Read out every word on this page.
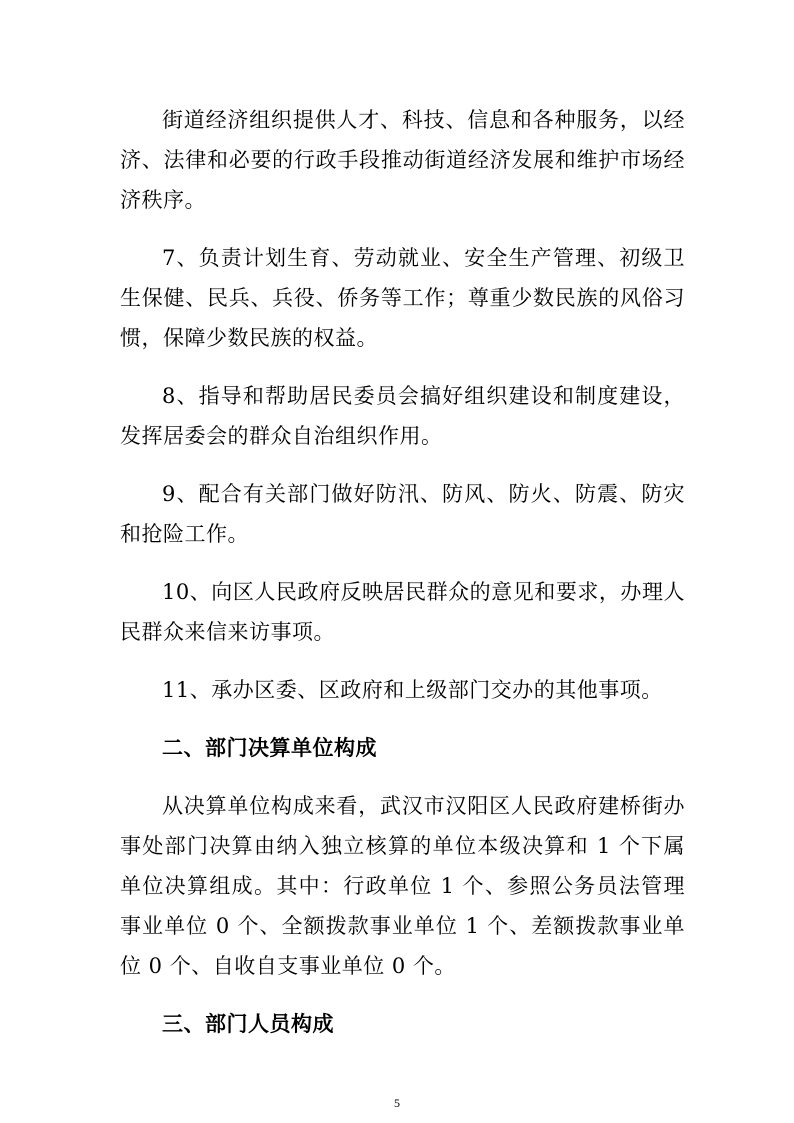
街道经济组织提供人才、科技、信息和各种服务，以经济、法律和必要的行政手段推动街道经济发展和维护市场经济秩序。

7、负责计划生育、劳动就业、安全生产管理、初级卫生保健、民兵、兵役、侨务等工作；尊重少数民族的风俗习惯，保障少数民族的权益。

8、指导和帮助居民委员会搞好组织建设和制度建设，发挥居委会的群众自治组织作用。

9、配合有关部门做好防汛、防风、防火、防震、防灾和抢险工作。

10、向区人民政府反映居民群众的意见和要求，办理人民群众来信来访事项。

11、承办区委、区政府和上级部门交办的其他事项。

二、部门决算单位构成

从决算单位构成来看，武汉市汉阳区人民政府建桥街办事处部门决算由纳入独立核算的单位本级决算和 1 个下属单位决算组成。其中：行政单位 1 个、参照公务员法管理事业单位 0 个、全额拨款事业单位 1 个、差额拨款事业单位 0 个、自收自支事业单位 0 个。

三、部门人员构成
5
